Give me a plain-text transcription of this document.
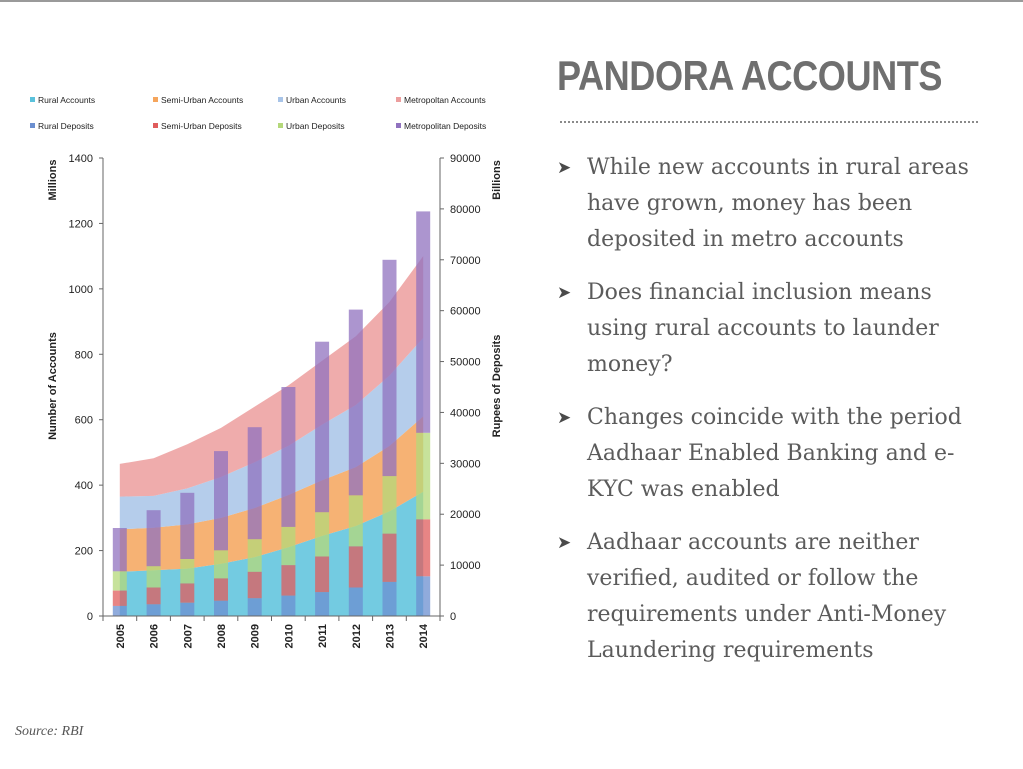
Rural Accounts	Semi-Urban Accounts	Urban Accounts	Metropoltan Accounts
Rural Deposits	Semi-Urban Deposits	Urban Deposits	Metropolitan Deposits
0
200
400
600
800
1000
1200
1400
0
10000
20000
30000
40000
50000
60000
70000
80000
90000
2005 2006 2007 2008 2009 2010 2011 2012 2013 2014
Millions
Number of Accounts
Billions
Rupees of Deposits
PANDORA ACCOUNTS
➤ While new accounts in rural areas have grown, money has been deposited in metro accounts
➤ Does financial inclusion means using rural accounts to launder money?
➤ Changes coincide with the period Aadhaar Enabled Banking and e-KYC was enabled
➤ Aadhaar accounts are neither verified, audited or follow the requirements under Anti-Money Laundering requirements
Source: RBI
